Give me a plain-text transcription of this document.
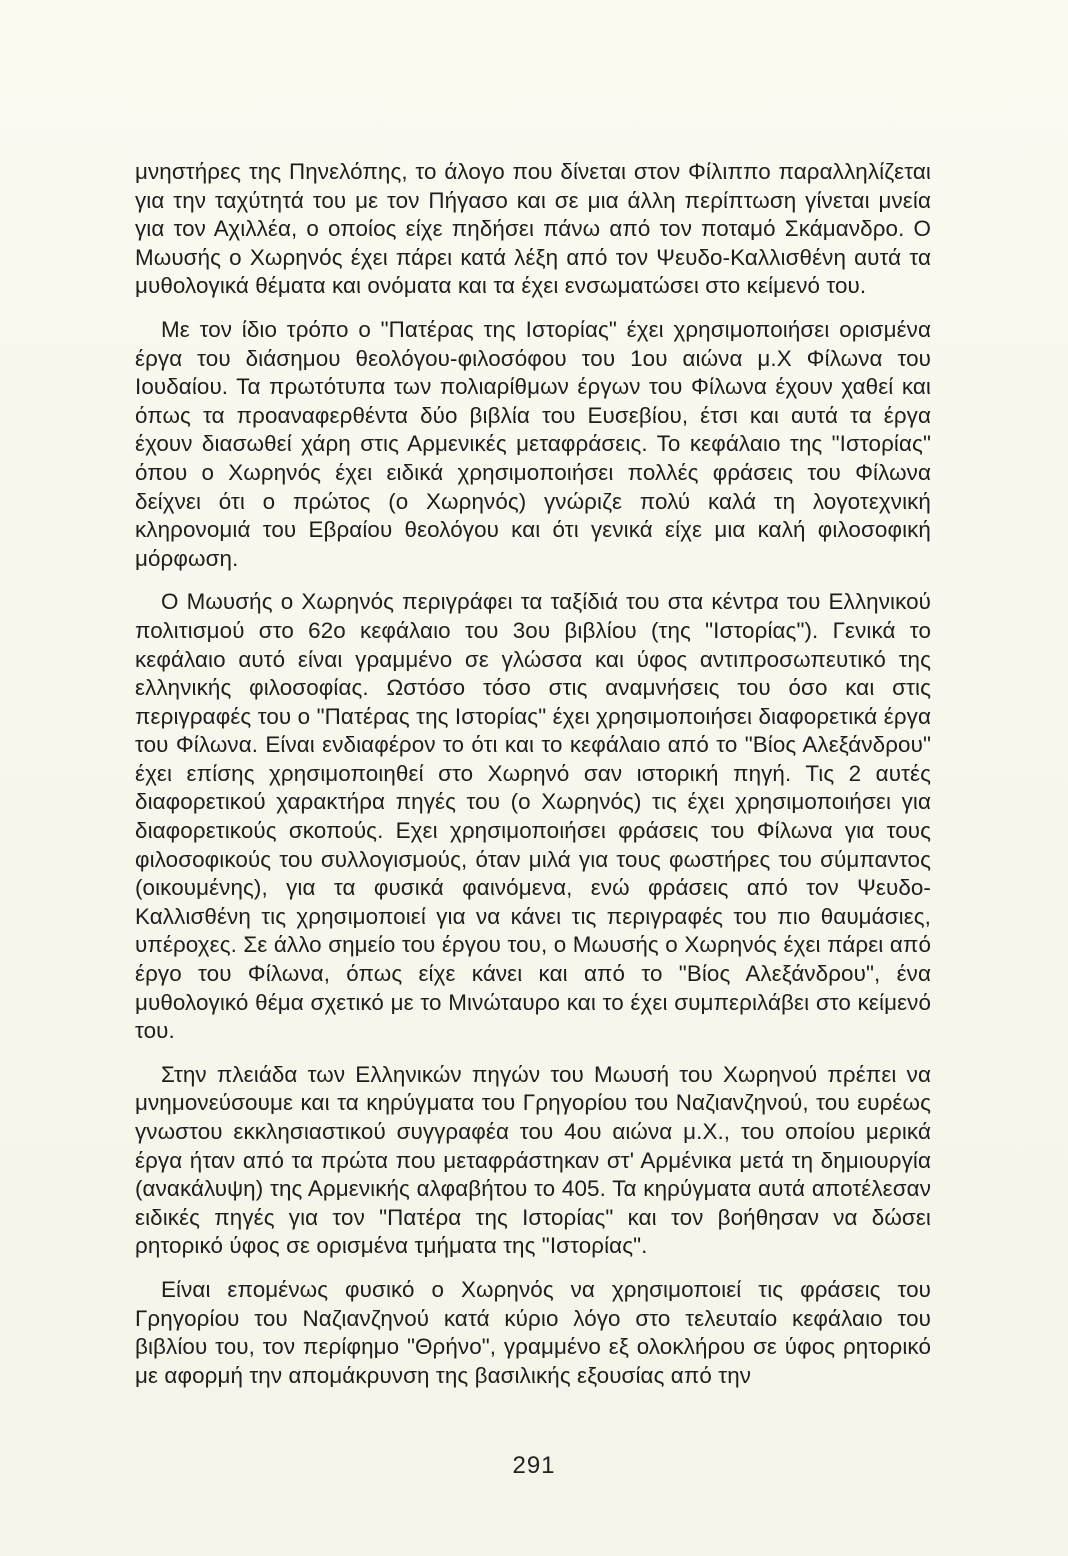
μνηστήρες της Πηνελόπης, το άλογο που δίνεται στον Φίλιππο παραλληλίζεται για την ταχύτητά του με τον Πήγασο και σε μια άλλη περίπτωση γίνεται μνεία για τον Αχιλλέα, ο οποίος είχε πηδήσει πάνω από τον ποταμό Σκάμανδρο. Ο Μωυσής ο Χωρηνός έχει πάρει κατά λέξη από τον Ψευδο-Καλλισθένη αυτά τα μυθολογικά θέματα και ονόματα και τα έχει ενσωματώσει στο κείμενό του.

Με τον ίδιο τρόπο ο "Πατέρας της Ιστορίας" έχει χρησιμοποιήσει ορισμένα έργα του διάσημου θεολόγου-φιλοσόφου του 1ου αιώνα μ.Χ Φίλωνα του Ιουδαίου. Τα πρωτότυπα των πολιαρίθμων έργων του Φίλωνα έχουν χαθεί και όπως τα προαναφερθέντα δύο βιβλία του Ευσεβίου, έτσι και αυτά τα έργα έχουν διασωθεί χάρη στις Αρμενικές μεταφράσεις. Το κεφάλαιο της "Ιστορίας" όπου ο Χωρηνός έχει ειδικά χρησιμοποιήσει πολλές φράσεις του Φίλωνα δείχνει ότι ο πρώτος (ο Χωρηνός) γνώριζε πολύ καλά τη λογοτεχνική κληρονομιά του Εβραίου θεολόγου και ότι γενικά είχε μια καλή φιλοσοφική μόρφωση.

Ο Μωυσής ο Χωρηνός περιγράφει τα ταξίδιά του στα κέντρα του Ελληνικού πολιτισμού στο 62ο κεφάλαιο του 3ου βιβλίου (της "Ιστορίας"). Γενικά το κεφάλαιο αυτό είναι γραμμένο σε γλώσσα και ύφος αντιπροσωπευτικό της ελληνικής φιλοσοφίας. Ωστόσο τόσο στις αναμνήσεις του όσο και στις περιγραφές του ο "Πατέρας της Ιστορίας" έχει χρησιμοποιήσει διαφορετικά έργα του Φίλωνα. Είναι ενδιαφέρον το ότι και το κεφάλαιο από το "Βίος Αλεξάνδρου" έχει επίσης χρησιμοποιηθεί στο Χωρηνό σαν ιστορική πηγή. Τις 2 αυτές διαφορετικού χαρακτήρα πηγές του (ο Χωρηνός) τις έχει χρησιμοποιήσει για διαφορετικούς σκοπούς. Εχει χρησιμοποιήσει φράσεις του Φίλωνα για τους φιλοσοφικούς του συλλογισμούς, όταν μιλά για τους φωστήρες του σύμπαντος (οικουμένης), για τα φυσικά φαινόμενα, ενώ φράσεις από τον Ψευδο-Καλλισθένη τις χρησιμοποιεί για να κάνει τις περιγραφές του πιο θαυμάσιες, υπέροχες. Σε άλλο σημείο του έργου του, ο Μωυσής ο Χωρηνός έχει πάρει από έργο του Φίλωνα, όπως είχε κάνει και από το "Βίος Αλεξάνδρου", ένα μυθολογικό θέμα σχετικό με το Μινώταυρο και το έχει συμπεριλάβει στο κείμενό του.

Στην πλειάδα των Ελληνικών πηγών του Μωυσή του Χωρηνού πρέπει να μνημονεύσουμε και τα κηρύγματα του Γρηγορίου του Ναζιανζηνού, του ευρέως γνωστου εκκλησιαστικού συγγραφέα του 4ου αιώνα μ.Χ., του οποίου μερικά έργα ήταν από τα πρώτα που μεταφράστηκαν στ' Αρμένικα μετά τη δημιουργία (ανακάλυψη) της Αρμενικής αλφαβήτου το 405. Τα κηρύγματα αυτά αποτέλεσαν ειδικές πηγές για τον "Πατέρα της Ιστορίας" και τον βοήθησαν να δώσει ρητορικό ύφος σε ορισμένα τμήματα της "Ιστορίας".

Είναι επομένως φυσικό ο Χωρηνός να χρησιμοποιεί τις φράσεις του Γρηγορίου του Ναζιανζηνού κατά κύριο λόγο στο τελευταίο κεφάλαιο του βιβλίου του, τον περίφημο "Θρήνο", γραμμένο εξ ολοκλήρου σε ύφος ρητορικό με αφορμή την απομάκρυνση της βασιλικής εξουσίας από την

291
